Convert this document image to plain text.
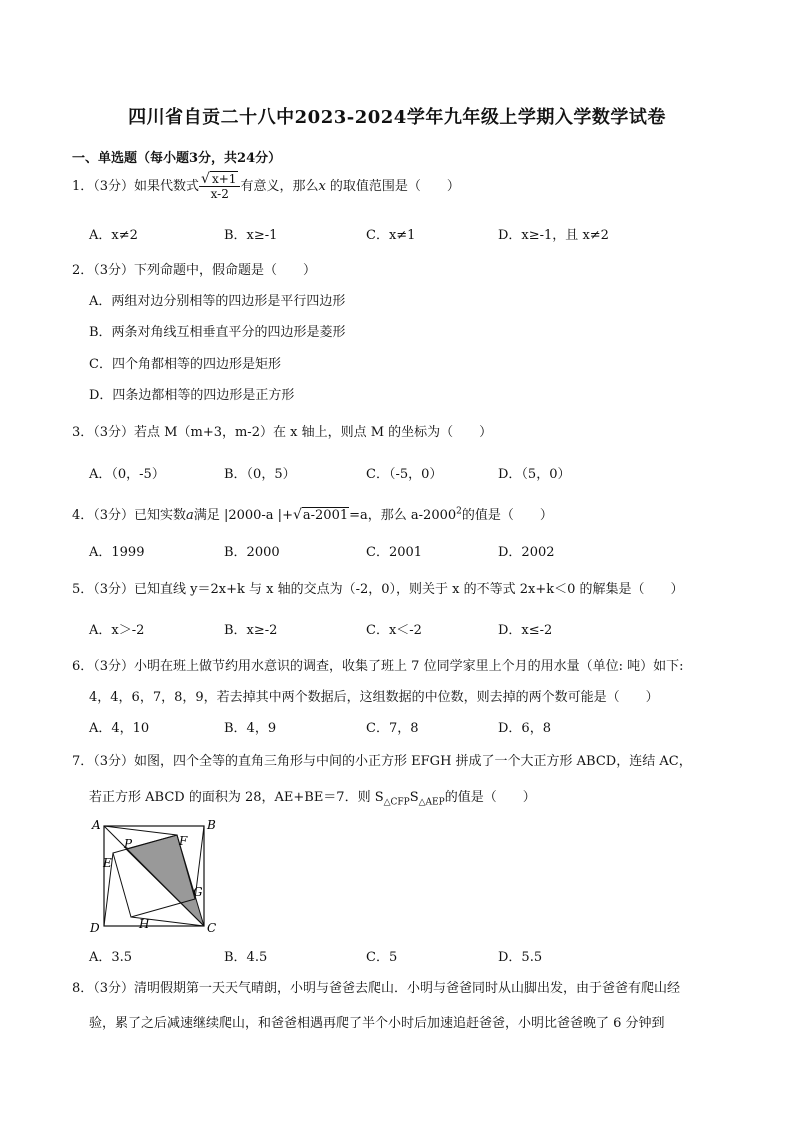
四川省自贡二十八中2023-2024学年九年级上学期入学数学试卷
一、单选题（每小题3分，共24分）
1．（3分）如果代数式 $\frac{√ x+1}{x-2}$ 有意义，那么x 的取值范围是（　　）
A．x≠2	B．x≥-1	C．x≠1	D．x≥-1，且 x≠2
2．（3分）下列命题中，假命题是（　　）
A．两组对边分别相等的四边形是平行四边形
B．两条对角线互相垂直平分的四边形是菱形
C．四个角都相等的四边形是矩形
D．四条边都相等的四边形是正方形
3．（3分）若点 M（m+3，m-2）在 x 轴上，则点 M 的坐标为（　　）
A．（0，-5）	B．（0，5）	C．（-5，0）	D．（5，0）
4．（3分）已知实数a满足 |2000-a |+√a-2001=a，那么 a-2000$^2$的值是（　　）
A．1999	B．2000	C．2001	D．2002
5．（3分）已知直线 y＝2x+k 与 x 轴的交点为（-2，0），则关于 x 的不等式 2x+k＜0 的解集是（　　）
A．x＞-2	B．x≥-2	C．x＜-2	D．x≤-2
6．（3分）小明在班上做节约用水意识的调查，收集了班上 7 位同学家里上个月的用水量（单位: 吨）如下:
4，4，6，7，8，9，若去掉其中两个数据后，这组数据的中位数，则去掉的两个数可能是（　　）
A．4，10	B．4，9	C．7，8	D．6，8
7．（3分）如图，四个全等的直角三角形与中间的小正方形 EFGH 拼成了一个大正方形 ABCD，连结 AC，
若正方形 ABCD 的面积为 28，AE+BE＝7．则 $S_{\triangle CFP}S_{\triangle AEP}$的值是（　　）
A	B
C
D
E
F
G
H
P
A．3.5	B．4.5	C．5	D．5.5
8．（3分）清明假期第一天天气晴朗，小明与爸爸去爬山．小明与爸爸同时从山脚出发，由于爸爸有爬山经
验，累了之后减速继续爬山，和爸爸相遇再爬了半个小时后加速追赶爸爸，小明比爸爸晚了 6 分钟到
